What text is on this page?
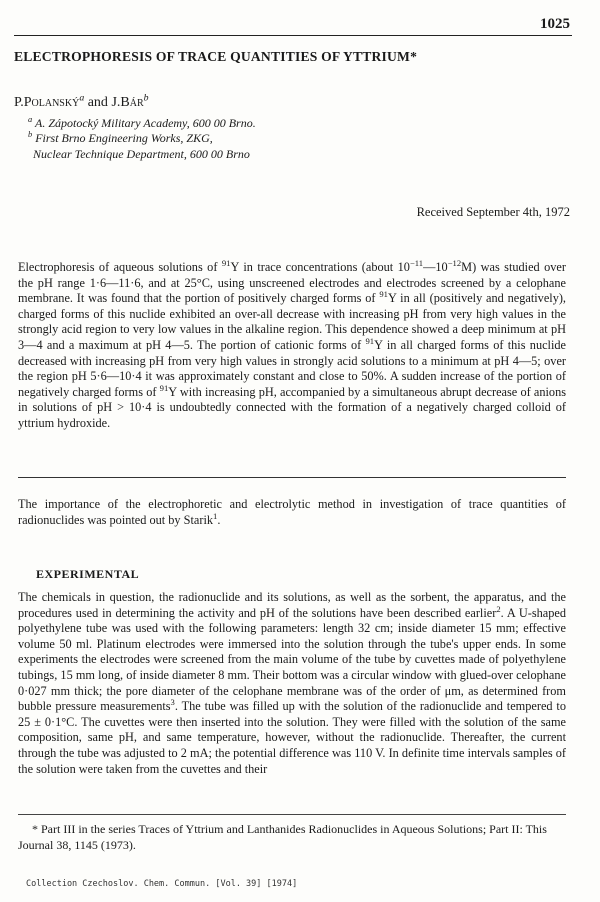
1025
ELECTROPHORESIS OF TRACE QUANTITIES OF YTTRIUM*
P.Polanský$^a$ and J.Bár$^b$
$^a$ A. Zápotocký Military Academy, 600 00 Brno.
$^b$ First Brno Engineering Works, ZKG,
Nuclear Technique Department, 600 00 Brno
Received September 4th, 1972

Electrophoresis of aqueous solutions of $^{91}$Y in trace concentrations (about $10^{-11}—10^{-12}M$) was studied over the pH range 1·6—11·6, and at 25°C, using unscreened electrodes and electrodes screened by a celophane membrane. It was found that the portion of positively charged forms of $^{91}$Y in all (positively and negatively), charged forms of this nuclide exhibited an over-all decrease with increasing pH from very high values in the strongly acid region to very low values in the alkaline region. This dependence showed a deep minimum at pH 3—4 and a maximum at pH 4—5. The portion of cationic forms of $^{91}$Y in all charged forms of this nuclide decreased with increasing pH from very high values in strongly acid solutions to a minimum at pH 4—5; over the region pH 5·6—10·4 it was approximately constant and close to 50%. A sudden increase of the portion of negatively charged forms of $^{91}$Y with increasing pH, accompanied by a simultaneous abrupt decrease of anions in solutions of pH > 10·4 is undoubtedly connected with the formation of a negatively charged colloid of yttrium hydroxide.

The importance of the electrophoretic and electrolytic method in investigation of trace quantities of radionuclides was pointed out by Starik$^1$.

EXPERIMENTAL

The chemicals in question, the radionuclide and its solutions, as well as the sorbent, the apparatus, and the procedures used in determining the activity and pH of the solutions have been described earlier$^2$. A U-shaped polyethylene tube was used with the following parameters: length 32 cm; inside diameter 15 mm; effective volume 50 ml. Platinum electrodes were immersed into the solution through the tube's upper ends. In some experiments the electrodes were screened from the main volume of the tube by cuvettes made of polyethylene tubings, 15 mm long, of inside diameter 8 mm. Their bottom was a circular window with glued-over celophane 0·027 mm thick; the pore diameter of the celophane membrane was of the order of μm, as determined from bubble pressure measurements$^3$. The tube was filled up with the solution of the radionuclide and tempered to 25 ± 0·1°C. The cuvettes were then inserted into the solution. They were filled with the solution of the same composition, same pH, and same temperature, however, without the radionuclide. Thereafter, the current through the tube was adjusted to 2 mA; the potential difference was 110 V. In definite time intervals samples of the solution were taken from the cuvettes and their

* Part III in the series Traces of Yttrium and Lanthanides Radionuclides in Aqueous Solutions; Part II: This Journal 38, 1145 (1973).

Collection Czechoslov. Chem. Commun. [Vol. 39] [1974]
